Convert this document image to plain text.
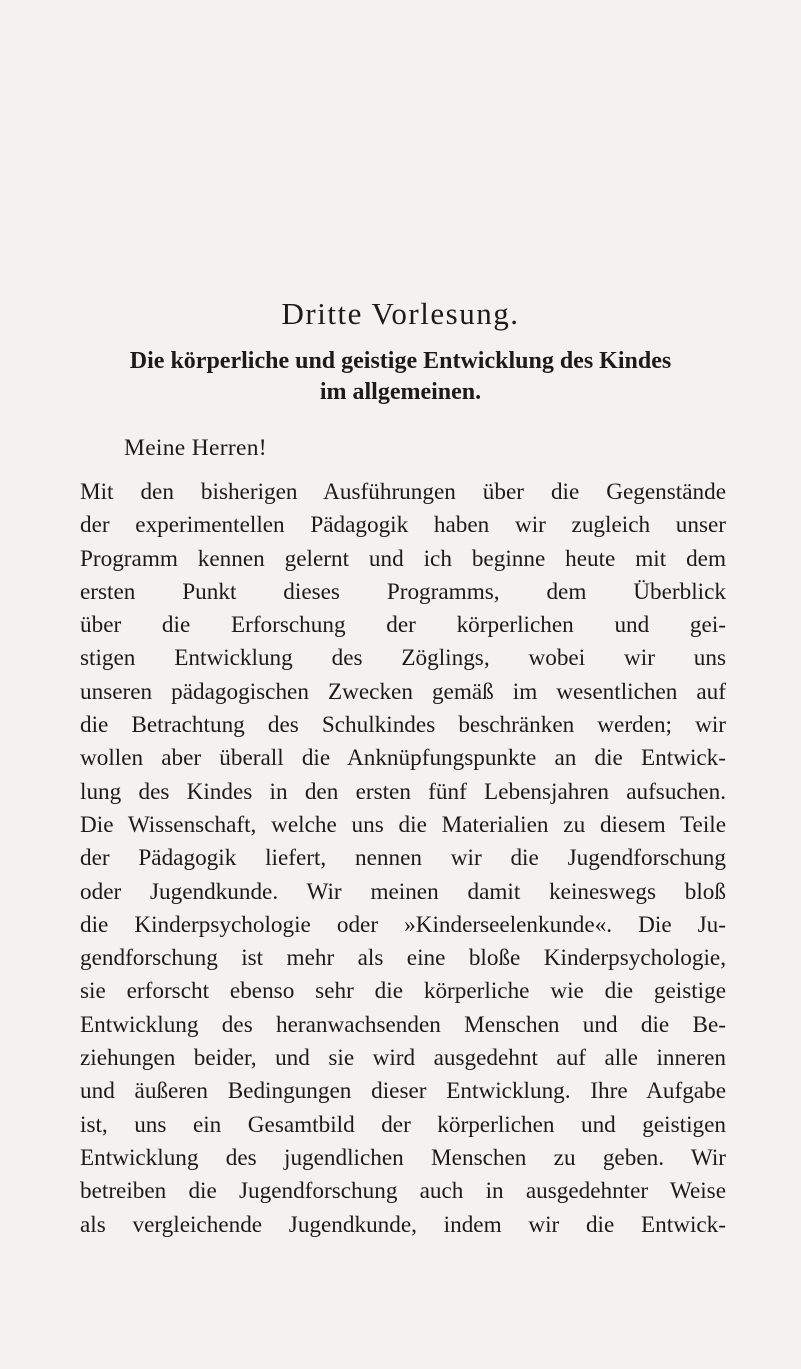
Dritte Vorlesung.
Die körperliche und geistige Entwicklung des Kindes
im allgemeinen.

Meine Herren!

Mit den bisherigen Ausführungen über die Gegenstände
der experimentellen Pädagogik haben wir zugleich unser
Programm kennen gelernt und ich beginne heute mit dem
ersten Punkt dieses Programms, dem Überblick
über die Erforschung der körperlichen und gei-
stigen Entwicklung des Zöglings, wobei wir uns
unseren pädagogischen Zwecken gemäß im wesentlichen auf
die Betrachtung des Schulkindes beschränken werden; wir
wollen aber überall die Anknüpfungspunkte an die Entwick-
lung des Kindes in den ersten fünf Lebensjahren aufsuchen.
Die Wissenschaft, welche uns die Materialien zu diesem Teile
der Pädagogik liefert, nennen wir die Jugendforschung
oder Jugendkunde. Wir meinen damit keineswegs bloß
die Kinderpsychologie oder »Kinderseelenkunde«. Die Ju-
gendforschung ist mehr als eine bloße Kinderpsychologie,
sie erforscht ebenso sehr die körperliche wie die geistige
Entwicklung des heranwachsenden Menschen und die Be-
ziehungen beider, und sie wird ausgedehnt auf alle inneren
und äußeren Bedingungen dieser Entwicklung. Ihre Aufgabe
ist, uns ein Gesamtbild der körperlichen und geistigen
Entwicklung des jugendlichen Menschen zu geben. Wir
betreiben die Jugendforschung auch in ausgedehnter Weise
als vergleichende Jugendkunde, indem wir die Entwick-
